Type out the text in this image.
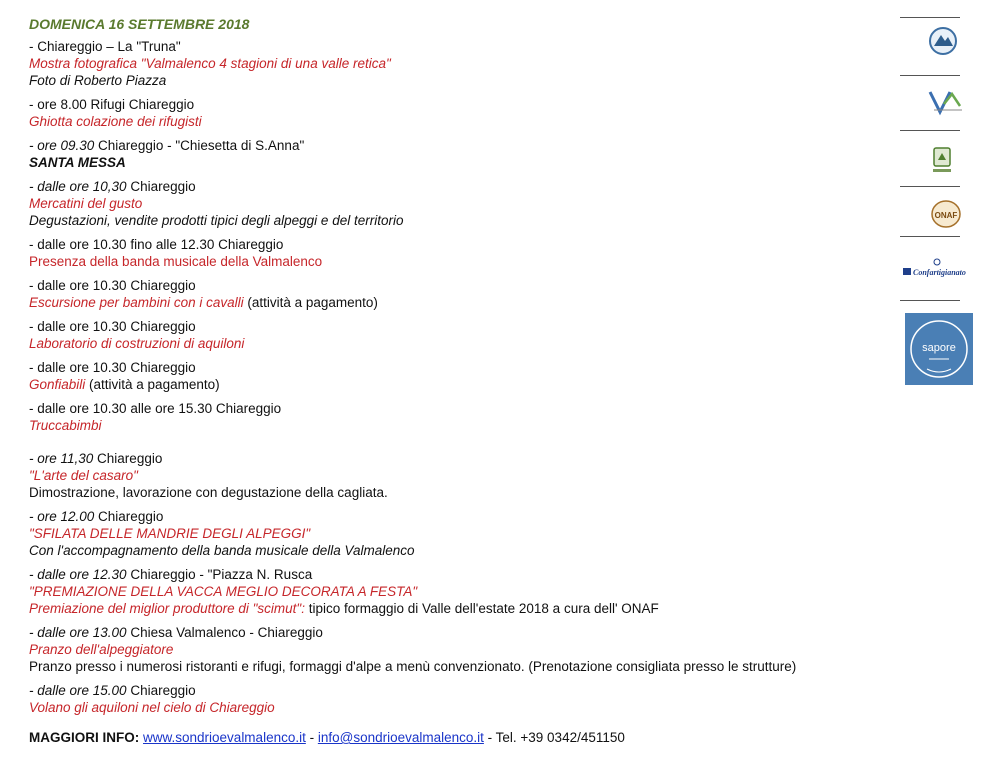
DOMENICA 16 SETTEMBRE 2018
- Chiareggio – La "Truna"
Mostra fotografica "Valmalenco 4 stagioni di una valle retica"
Foto di Roberto Piazza
- ore 8.00 Rifugi Chiareggio
Ghiotta colazione dei rifugisti
- ore 09.30 Chiareggio - "Chiesetta di S.Anna"
SANTA MESSA
- dalle ore 10,30 Chiareggio
Mercatini del gusto
Degustazioni, vendite prodotti tipici degli alpeggi e del territorio
- dalle ore 10.30 fino alle 12.30 Chiareggio
Presenza della banda musicale della Valmalenco
- dalle ore 10.30 Chiareggio
Escursione per bambini con i cavalli (attività a pagamento)
- dalle ore 10.30 Chiareggio
Laboratorio di costruzioni di aquiloni
- dalle ore 10.30 Chiareggio
Gonfiabili (attività a pagamento)
- dalle ore 10.30 alle ore 15.30 Chiareggio
Truccabimbi
- ore 11,30 Chiareggio
"L'arte del casaro"
Dimostrazione, lavorazione con degustazione della cagliata.
- ore 12.00 Chiareggio
"SFILATA DELLE MANDRIE DEGLI ALPEGGI"
Con l'accompagnamento della banda musicale della Valmalenco
- dalle ore 12.30 Chiareggio - "Piazza N. Rusca
"PREMIAZIONE DELLA VACCA MEGLIO DECORATA A FESTA"
Premiazione del miglior produttore di "scimut": tipico formaggio di Valle dell'estate 2018 a cura dell' ONAF
- dalle ore 13.00 Chiesa Valmalenco - Chiareggio
Pranzo dell'alpeggiatore
Pranzo presso i numerosi ristoranti e rifugi, formaggi d'alpe a menù convenzionato. (Prenotazione consigliata presso le strutture)
- dalle ore 15.00 Chiareggio
Volano gli aquiloni nel cielo di Chiareggio
MAGGIORI INFO: www.sondrioevalmalenco.it - info@sondrioevalmalenco.it - Tel. +39 0342/451150
ONAF
Confartigianato
sapore
